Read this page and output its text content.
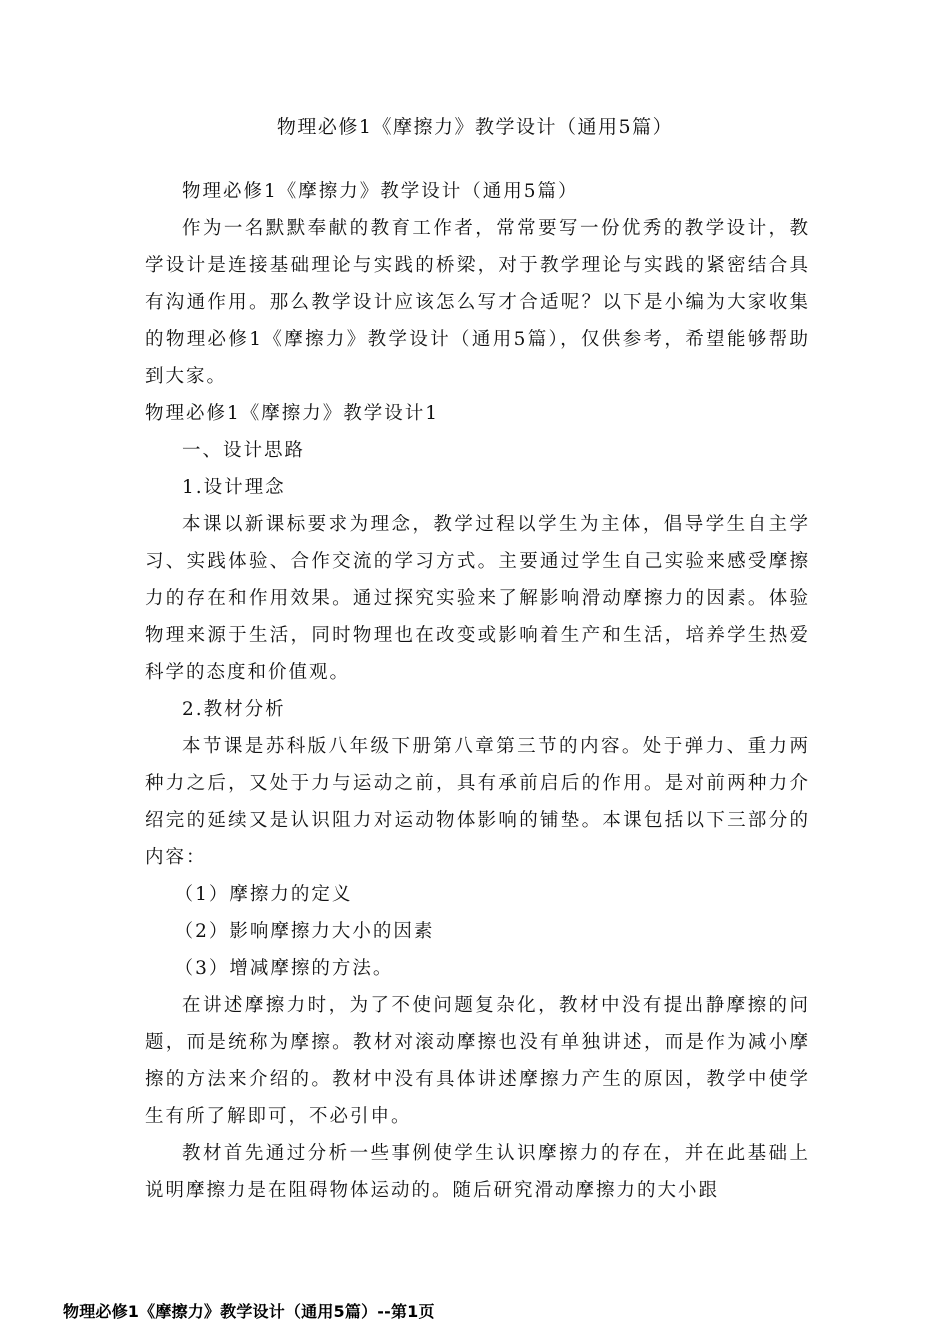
物理必修1《摩擦力》教学设计（通用5篇）

物理必修1《摩擦力》教学设计（通用5篇）

作为一名默默奉献的教育工作者，常常要写一份优秀的教学设计，教学设计是连接基础理论与实践的桥梁，对于教学理论与实践的紧密结合具有沟通作用。那么教学设计应该怎么写才合适呢？以下是小编为大家收集的物理必修1《摩擦力》教学设计（通用5篇），仅供参考，希望能够帮助到大家。

物理必修1《摩擦力》教学设计1

一、设计思路

1.设计理念

本课以新课标要求为理念，教学过程以学生为主体，倡导学生自主学习、实践体验、合作交流的学习方式。主要通过学生自己实验来感受摩擦力的存在和作用效果。通过探究实验来了解影响滑动摩擦力的因素。体验物理来源于生活，同时物理也在改变或影响着生产和生活，培养学生热爱科学的态度和价值观。

2.教材分析

本节课是苏科版八年级下册第八章第三节的内容。处于弹力、重力两种力之后，又处于力与运动之前，具有承前启后的作用。是对前两种力介绍完的延续又是认识阻力对运动物体影响的铺垫。本课包括以下三部分的内容：

（1）摩擦力的定义

（2）影响摩擦力大小的因素

（3）增减摩擦的方法。

在讲述摩擦力时，为了不使问题复杂化，教材中没有提出静摩擦的问题，而是统称为摩擦。教材对滚动摩擦也没有单独讲述，而是作为减小摩擦的方法来介绍的。教材中没有具体讲述摩擦力产生的原因，教学中使学生有所了解即可，不必引申。

教材首先通过分析一些事例使学生认识摩擦力的存在，并在此基础上说明摩擦力是在阻碍物体运动的。随后研究滑动摩擦力的大小跟

物理必修1《摩擦力》教学设计（通用5篇）--第1页
